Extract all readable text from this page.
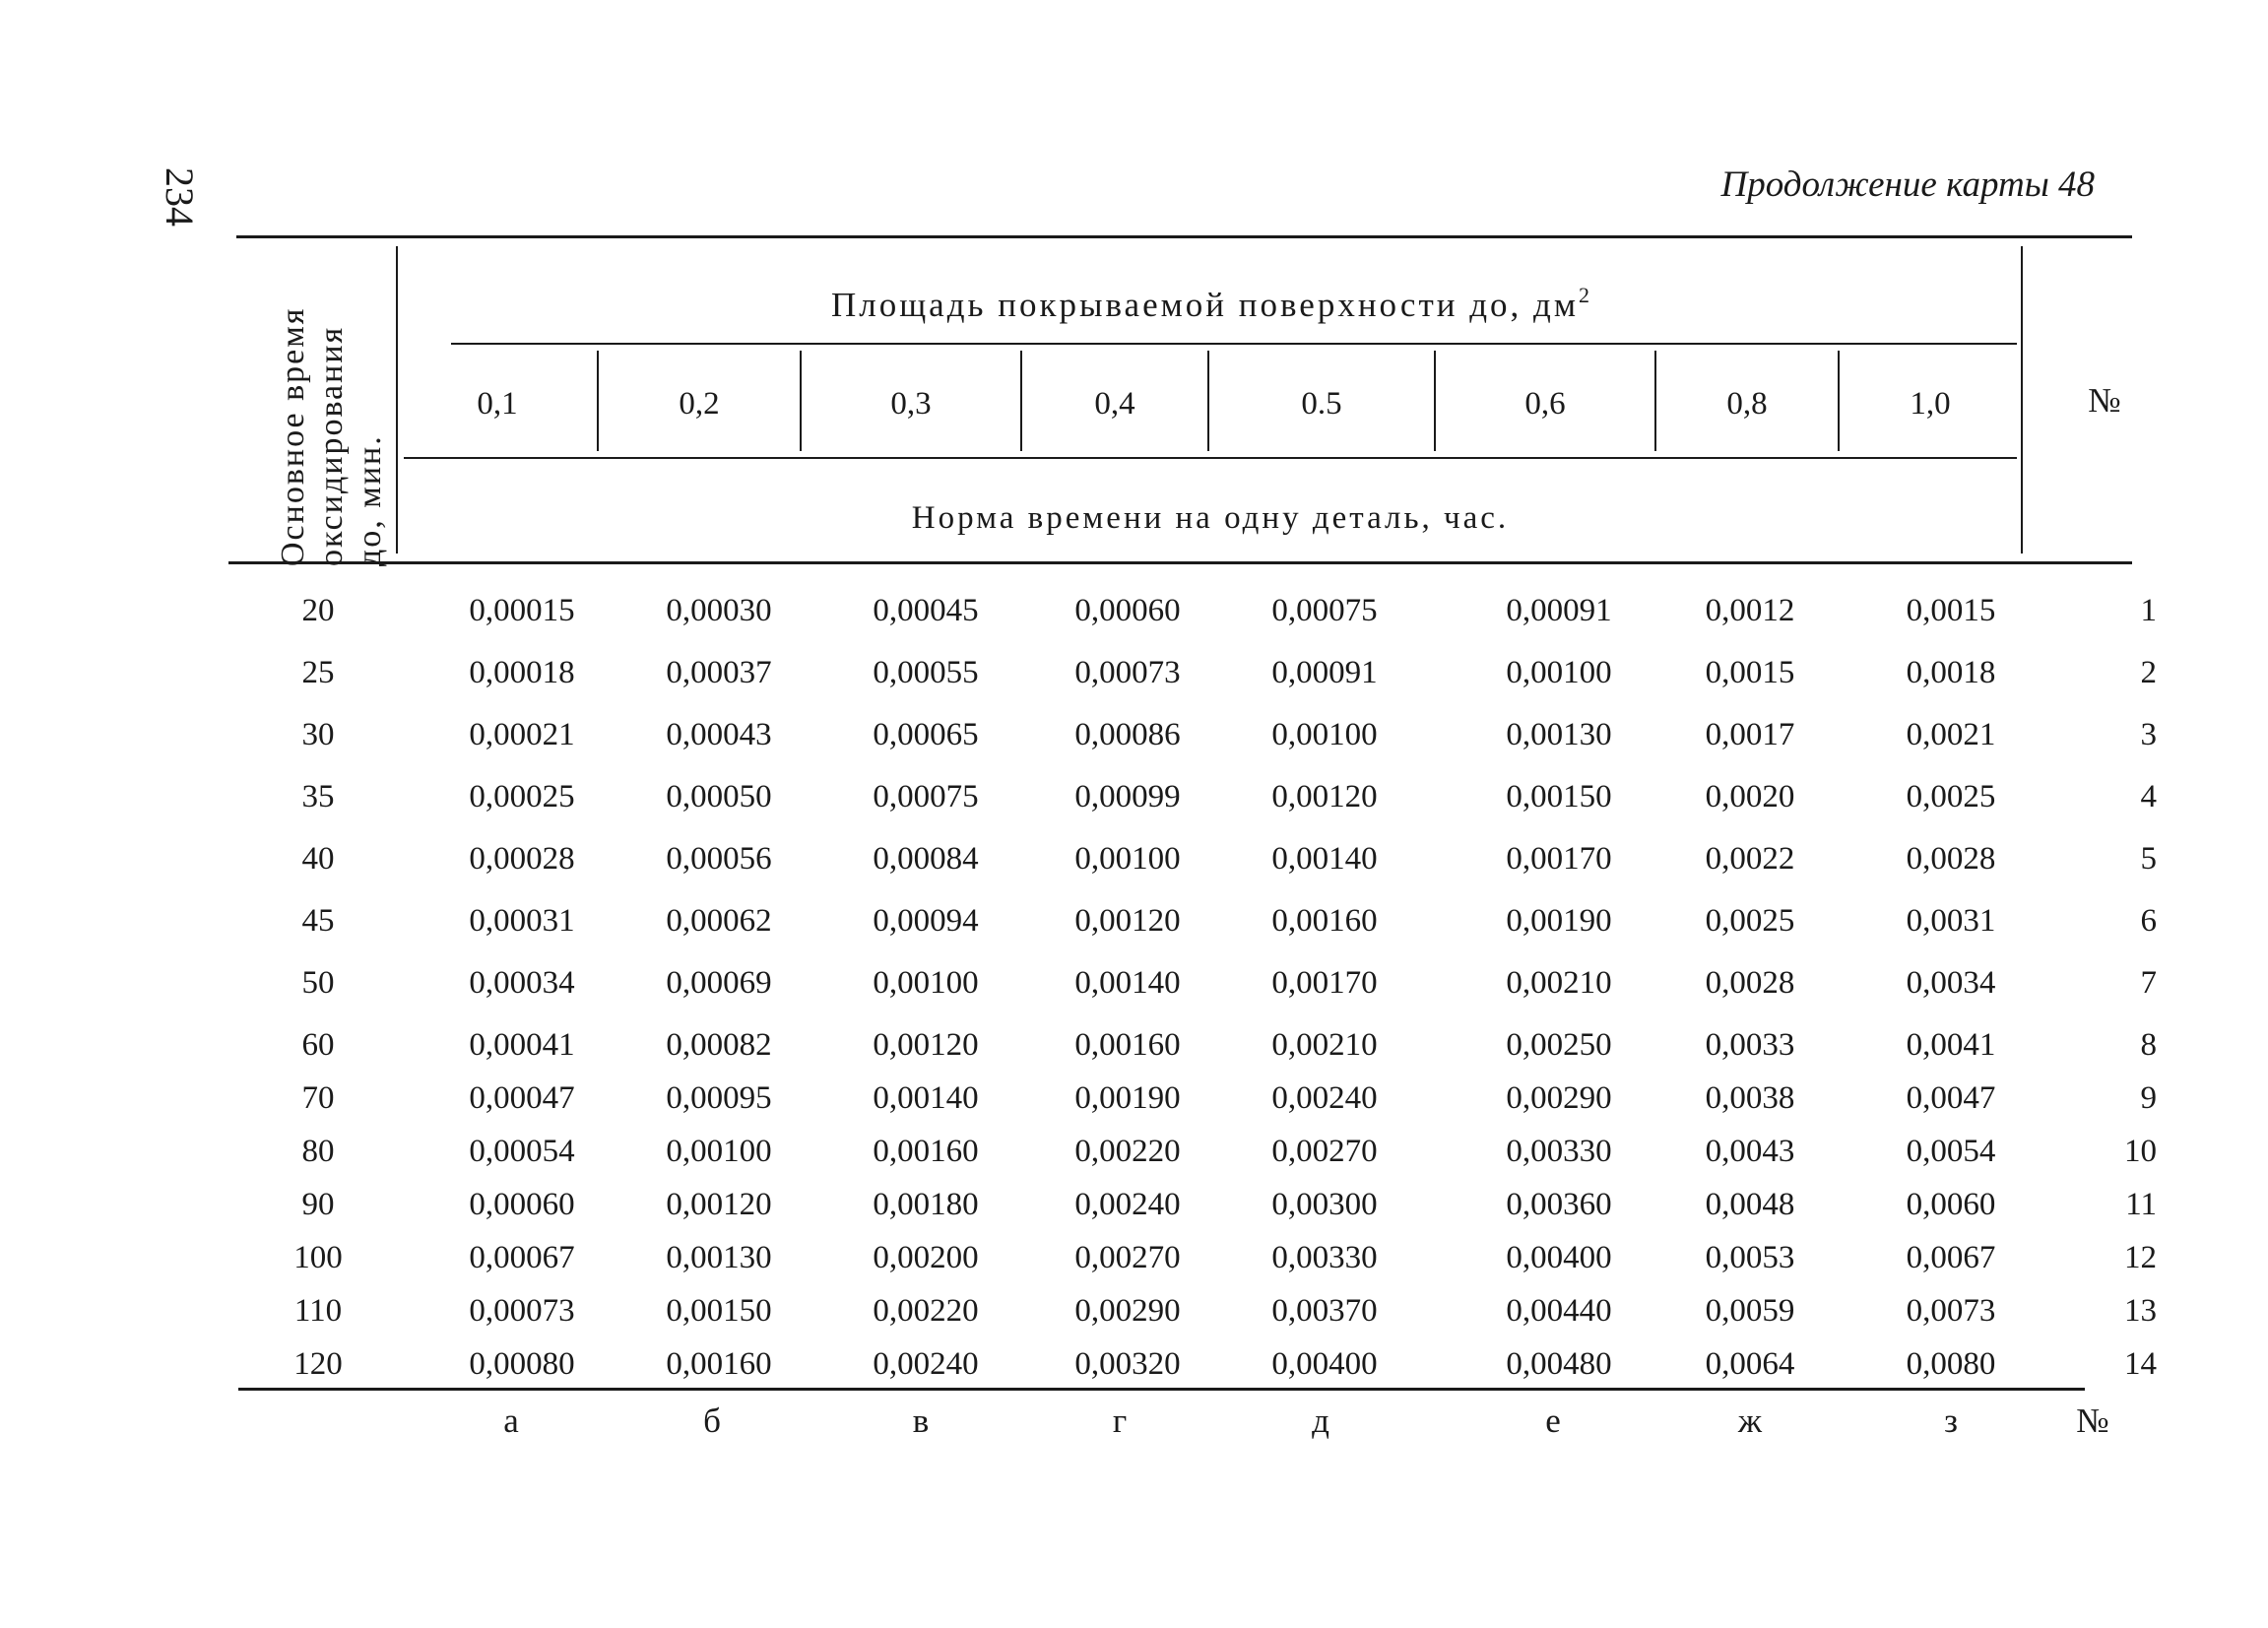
234	Продолжение карты 48
Основное время оксидирования до, мин.
Площадь покрываемой поверхности до, $дм^2$
Норма времени на одну деталь, час.
0,1	0,2	0,3	0,4	0.5	0,6	0,8	1,0	№
20	0,00015	0,00030	0,00045	0,00060	0,00075	0,00091	0,0012	0,0015	1
25	0,00018	0,00037	0,00055	0,00073	0,00091	0,00100	0,0015	0,0018	2
30	0,00021	0,00043	0,00065	0,00086	0,00100	0,00130	0,0017	0,0021	3
35	0,00025	0,00050	0,00075	0,00099	0,00120	0,00150	0,0020	0,0025	4
40	0,00028	0,00056	0,00084	0,00100	0,00140	0,00170	0,0022	0,0028	5
45	0,00031	0,00062	0,00094	0,00120	0,00160	0,00190	0,0025	0,0031	6
50	0,00034	0,00069	0,00100	0,00140	0,00170	0,00210	0,0028	0,0034	7
60	0,00041	0,00082	0,00120	0,00160	0,00210	0,00250	0,0033	0,0041	8
70	0,00047	0,00095	0,00140	0,00190	0,00240	0,00290	0,0038	0,0047	9
80	0,00054	0,00100	0,00160	0,00220	0,00270	0,00330	0,0043	0,0054	10
90	0,00060	0,00120	0,00180	0,00240	0,00300	0,00360	0,0048	0,0060	11
100	0,00067	0,00130	0,00200	0,00270	0,00330	0,00400	0,0053	0,0067	12
110	0,00073	0,00150	0,00220	0,00290	0,00370	0,00440	0,0059	0,0073	13
120	0,00080	0,00160	0,00240	0,00320	0,00400	0,00480	0,0064	0,0080	14
а	б	в	г	д	е	ж	з	№
